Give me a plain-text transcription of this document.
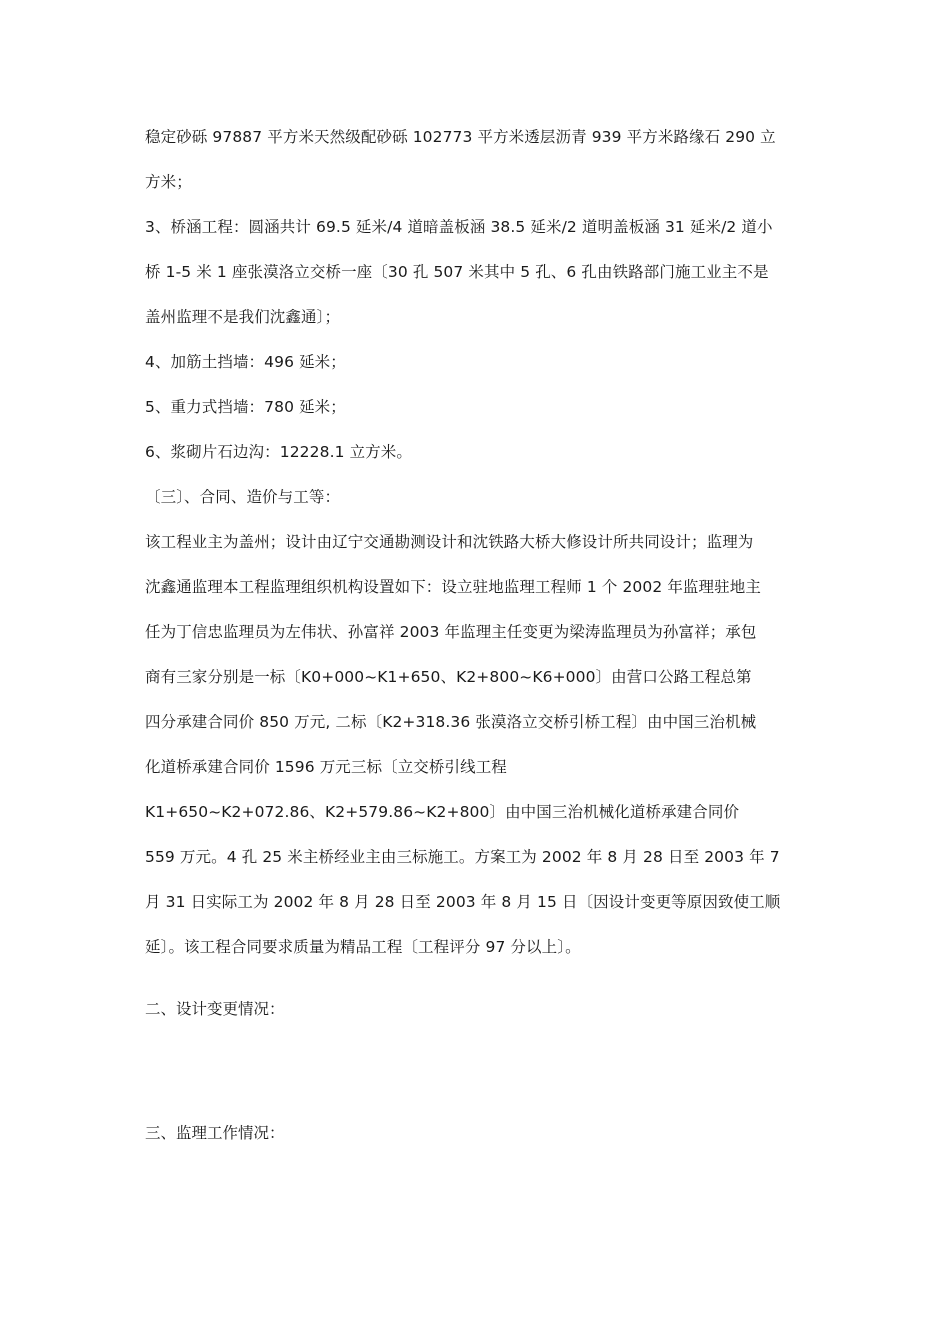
稳定砂砾 97887 平方米天然级配砂砾 102773 平方米透层沥青 939 平方米路缘石 290 立
方米；
3、桥涵工程：圆涵共计 69.5 延米/4 道暗盖板涵 38.5 延米/2 道明盖板涵 31 延米/2 道小
桥 1-5 米 1 座张漠洛立交桥一座〔30 孔 507 米其中 5 孔、6 孔由铁路部门施工业主不是
盖州监理不是我们沈鑫通〕；
4、加筋土挡墙：496 延米；
5、重力式挡墙：780 延米；
6、浆砌片石边沟：12228.1 立方米。
〔三〕、合同、造价与工等：
该工程业主为盖州；设计由辽宁交通勘测设计和沈铁路大桥大修设计所共同设计；监理为
沈鑫通监理本工程监理组织机构设置如下：设立驻地监理工程师 1 个 2002 年监理驻地主
任为丁信忠监理员为左伟状、孙富祥 2003 年监理主任变更为梁涛监理员为孙富祥；承包
商有三家分别是一标〔K0+000~K1+650、K2+800~K6+000〕由营口公路工程总第
四分承建合同价 850 万元, 二标〔K2+318.36 张漠洛立交桥引桥工程〕由中国三治机械
化道桥承建合同价 1596 万元三标〔立交桥引线工程
K1+650~K2+072.86、K2+579.86~K2+800〕由中国三治机械化道桥承建合同价
559 万元。4 孔 25 米主桥经业主由三标施工。方案工为 2002 年 8 月 28 日至 2003 年 7
月 31 日实际工为 2002 年 8 月 28 日至 2003 年 8 月 15 日〔因设计变更等原因致使工顺
延〕。该工程合同要求质量为精品工程〔工程评分 97 分以上〕。
二、设计变更情况：
三、监理工作情况：
